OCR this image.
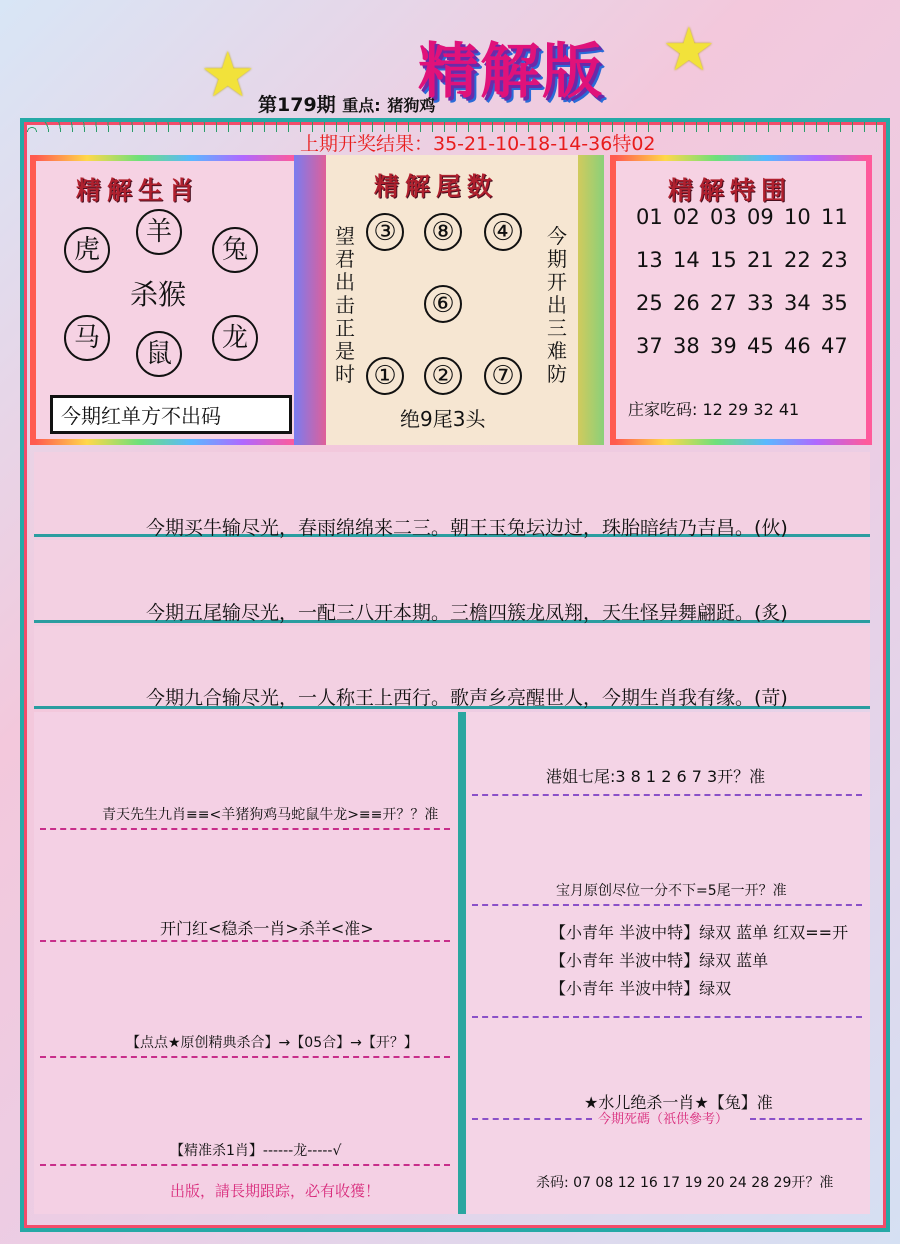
★	★
精解版
第179期 重点: 猪狗鸡
上期开奖结果：35-21-10-18-14-36特02
精解生肖
虎
羊
兔
杀猴
马
鼠
龙
今期红单方不出码
精解尾数
③ ⑧ ④
⑥
① ② ⑦
望君出击正是时
今期开出三难防
绝9尾3头
精解特围
01 02 03 09 10 11
13 14 15 21 22 23
25 26 27 33 34 35
37 38 39 45 46 47
庄家吃码: 12 29 32 41
今期买牛输尽光，春雨绵绵来二三。朝王玉兔坛边过，珠胎暗结乃吉昌。(伙)
今期五尾输尽光，一配三八开本期。三檐四簇龙凤翔，天生怪异舞翩跹。(炙)
今期九合输尽光，一人称王上西行。歌声乡亮醒世人，今期生肖我有缘。(苛)
青天先生九肖≡≡<羊猪狗鸡马蛇鼠牛龙>≡≡开？？准
开门红<稳杀一肖>杀羊<准>
【点点★原创精典杀合】→【05合】→【开？】
【精准杀1肖】------龙-----√
出版，請長期跟踪，必有收獲！
港姐七尾:3 8 1 2 6 7 3开？准
宝月原创尽位一分不下=5尾一开？准
【小青年 半波中特】绿双 蓝单 红双==开
【小青年 半波中特】绿双 蓝单
【小青年 半波中特】绿双
★水儿绝杀一肖★【兔】准
今期死碼（祇供參考）
杀码: 07 08 12 16 17 19 20 24 28 29开？准
